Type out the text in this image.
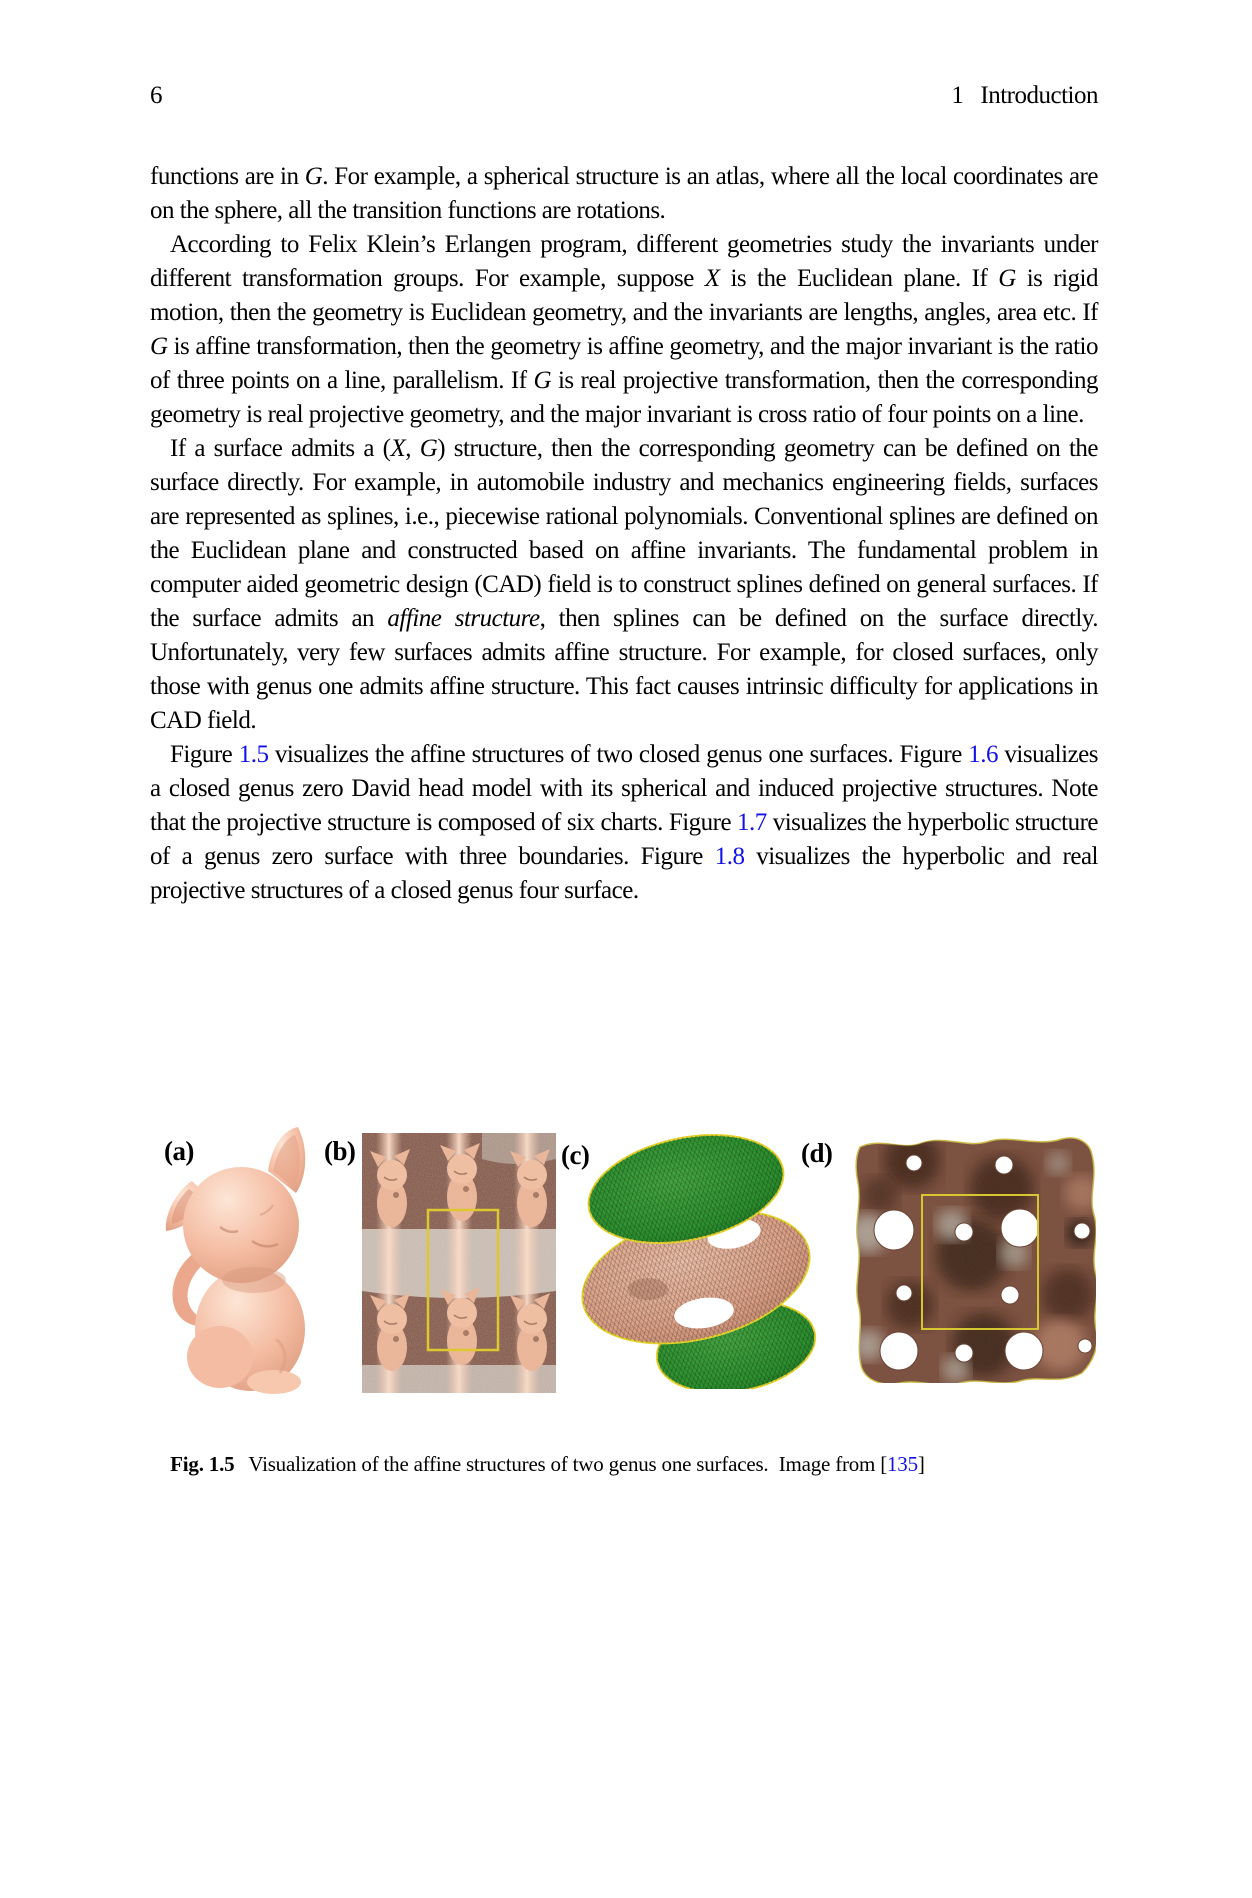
6	1 Introduction

functions are in G. For example, a spherical structure is an atlas, where all the local coordinates are on the sphere, all the transition functions are rotations.

According to Felix Klein’s Erlangen program, different geometries study the invariants under different transformation groups. For example, suppose X is the Euclidean plane. If G is rigid motion, then the geometry is Euclidean geometry, and the invariants are lengths, angles, area etc. If G is affine transformation, then the geometry is affine geometry, and the major invariant is the ratio of three points on a line, parallelism. If G is real projective transformation, then the corresponding geometry is real projective geometry, and the major invariant is cross ratio of four points on a line.

If a surface admits a (X, G) structure, then the corresponding geometry can be defined on the surface directly. For example, in automobile industry and mechanics engineering fields, surfaces are represented as splines, i.e., piecewise rational polynomials. Conventional splines are defined on the Euclidean plane and constructed based on affine invariants. The fundamental problem in computer aided geometric design (CAD) field is to construct splines defined on general surfaces. If the surface admits an affine structure, then splines can be defined on the surface directly. Unfortunately, very few surfaces admits affine structure. For example, for closed surfaces, only those with genus one admits affine structure. This fact causes intrinsic difficulty for applications in CAD field.

Figure 1.5 visualizes the affine structures of two closed genus one surfaces. Figure 1.6 visualizes a closed genus zero David head model with its spherical and induced projective structures. Note that the projective structure is composed of six charts. Figure 1.7 visualizes the hyperbolic structure of a genus zero surface with three boundaries. Figure 1.8 visualizes the hyperbolic and real projective structures of a closed genus four surface.

(a)	(b)	(c)	(d)

Fig. 1.5 Visualization of the affine structures of two genus one surfaces. Image from [135]
